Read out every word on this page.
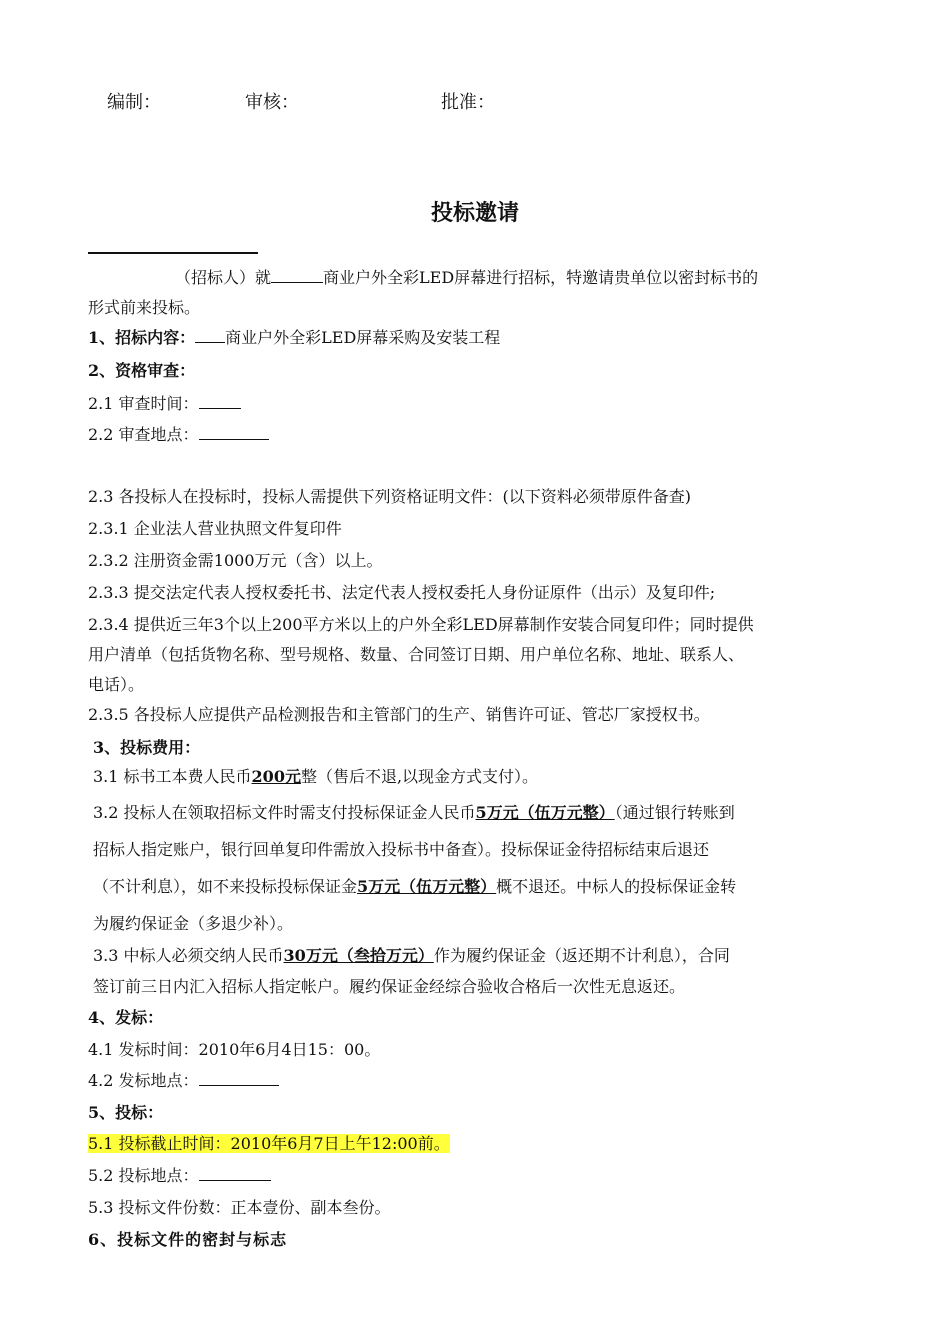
编制：	审核：	批准：
投标邀请
（招标人）就	商业户外全彩LED屏幕进行招标，特邀请贵单位以密封标书的
形式前来投标。
1、招标内容： 商业户外全彩LED屏幕采购及安装工程
2、资格审查：
2.1 审查时间：
2.2 审查地点：
2.3 各投标人在投标时，投标人需提供下列资格证明文件：(以下资料必须带原件备查)
2.3.1 企业法人营业执照文件复印件
2.3.2 注册资金需1000万元（含）以上。
2.3.3 提交法定代表人授权委托书、法定代表人授权委托人身份证原件（出示）及复印件;
2.3.4 提供近三年3个以上200平方米以上的户外全彩LED屏幕制作安装合同复印件；同时提供
用户清单（包括货物名称、型号规格、数量、合同签订日期、用户单位名称、地址、联系人、
电话）。
2.3.5 各投标人应提供产品检测报告和主管部门的生产、销售许可证、管芯厂家授权书。
3、投标费用：
3.1 标书工本费人民币200元整（售后不退,以现金方式支付）。
3.2 投标人在领取招标文件时需支付投标保证金人民币5万元（伍万元整）（通过银行转账到
招标人指定账户，银行回单复印件需放入投标书中备查）。投标保证金待招标结束后退还
（不计利息），如不来投标投标保证金5万元（伍万元整）概不退还。中标人的投标保证金转
为履约保证金（多退少补）。
3.3 中标人必须交纳人民币30万元（叁拾万元）作为履约保证金（返还期不计利息），合同
签订前三日内汇入招标人指定帐户。履约保证金经综合验收合格后一次性无息返还。
4、发标：
4.1 发标时间：2010年6月4日15：00。
4.2 发标地点：
5、投标：
5.1 投标截止时间：2010年6月7日上午12:00前。
5.2 投标地点：
5.3 投标文件份数：正本壹份、副本叁份。
6、投标文件的密封与标志
